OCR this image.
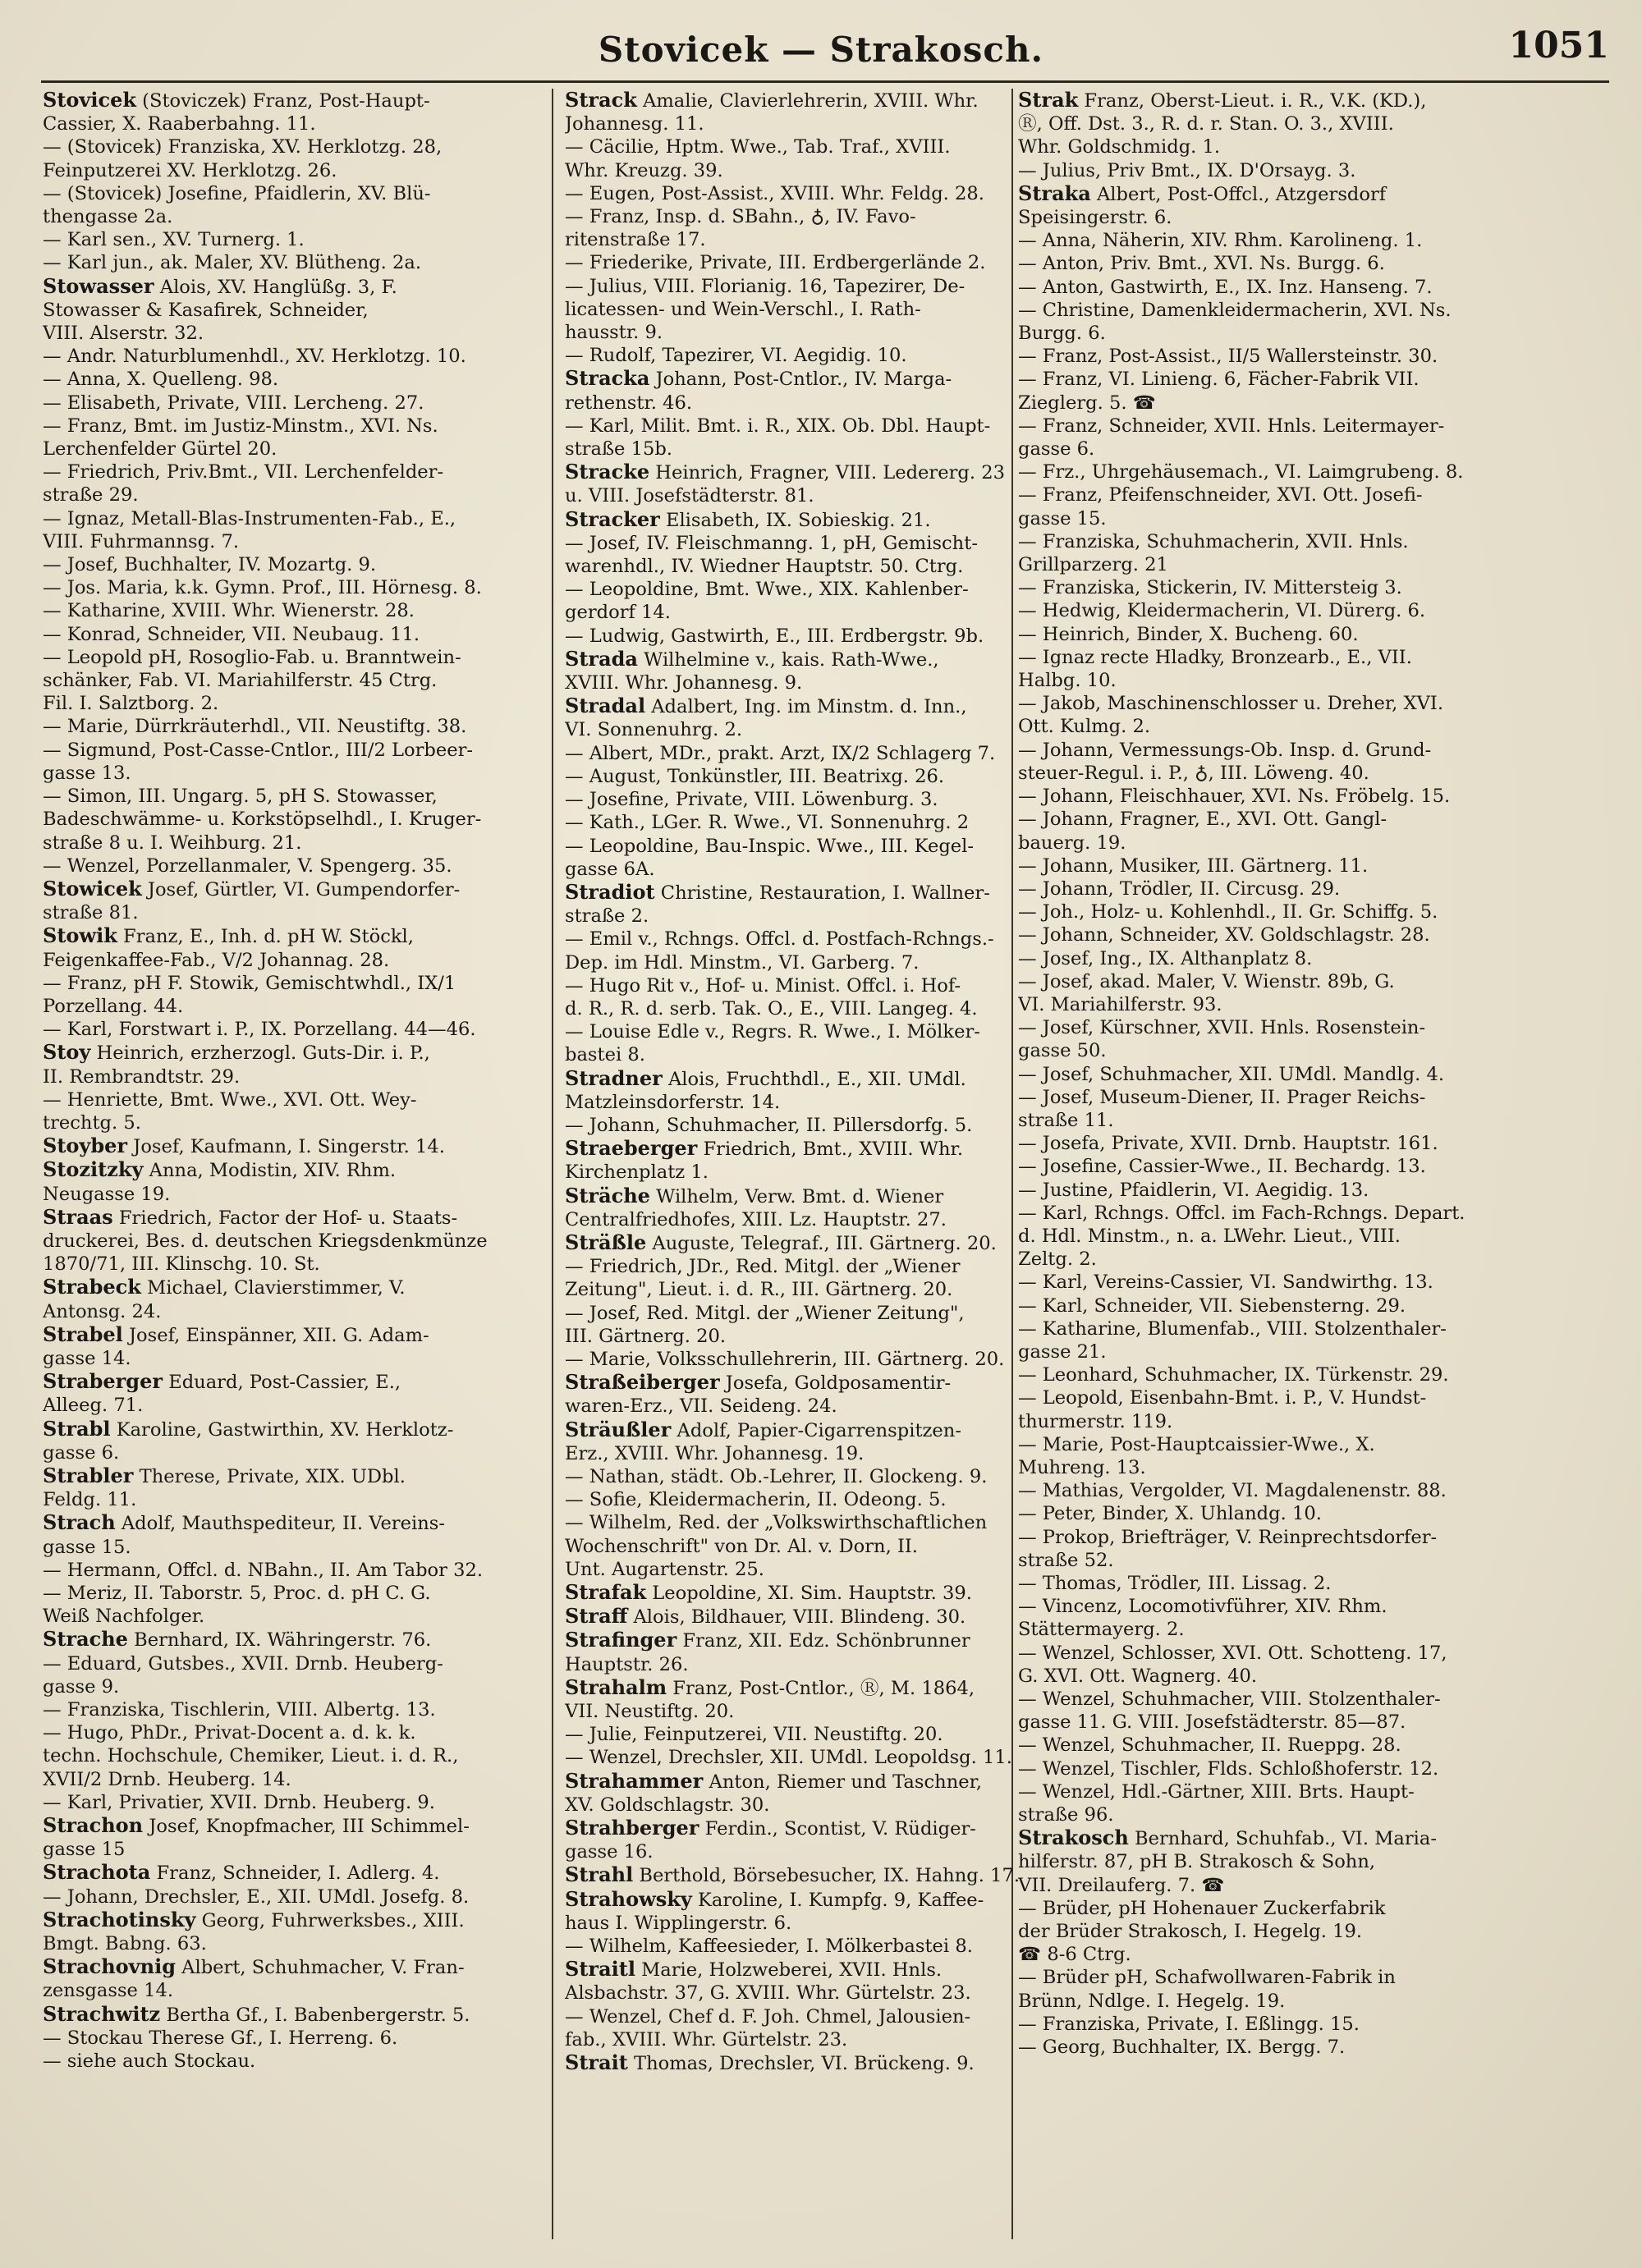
Stovicek — Strakosch.	1051
Stovicek (Stoviczek) Franz, Post-Haupt-
Cassier, X. Raaberbahng. 11.
— (Stovicek) Franziska, XV. Herklotzg. 28,
Feinputzerei XV. Herklotzg. 26.
— (Stovicek) Josefine, Pfaidlerin, XV. Blü-
thengasse 2a.
— Karl sen., XV. Turnerg. 1.
— Karl jun., ak. Maler, XV. Blütheng. 2a.
Stowasser Alois, XV. Hanglüßg. 3, F.
Stowasser & Kasafirek, Schneider,
VIII. Alserstr. 32.
— Andr. Naturblumenhdl., XV. Herklotzg. 10.
— Anna, X. Quelleng. 98.
— Elisabeth, Private, VIII. Lercheng. 27.
— Franz, Bmt. im Justiz-Minstm., XVI. Ns.
Lerchenfelder Gürtel 20.
— Friedrich, Priv.Bmt., VII. Lerchenfelder-
straße 29.
— Ignaz, Metall-Blas-Instrumenten-Fab., E.,
VIII. Fuhrmannsg. 7.
— Josef, Buchhalter, IV. Mozartg. 9.
— Jos. Maria, k.k. Gymn. Prof., III. Hörnesg. 8.
— Katharine, XVIII. Whr. Wienerstr. 28.
— Konrad, Schneider, VII. Neubaug. 11.
— Leopold pH, Rosoglio-Fab. u. Branntwein-
schänker, Fab. VI. Mariahilferstr. 45 Ctrg.
Fil. I. Salztborg. 2.
— Marie, Dürrkräuterhdl., VII. Neustiftg. 38.
— Sigmund, Post-Casse-Cntlor., III/2 Lorbeer-
gasse 13.
— Simon, III. Ungarg. 5, pH S. Stowasser,
Badeschwämme- u. Korkstöpselhdl., I. Kruger-
straße 8 u. I. Weihburg. 21.
— Wenzel, Porzellanmaler, V. Spengerg. 35.
Stowicek Josef, Gürtler, VI. Gumpendorfer-
straße 81.
Stowik Franz, E., Inh. d. pH W. Stöckl,
Feigenkaffee-Fab., V/2 Johannag. 28.
— Franz, pH F. Stowik, Gemischtwhdl., IX/1
Porzellang. 44.
— Karl, Forstwart i. P., IX. Porzellang. 44—46.
Stoy Heinrich, erzherzogl. Guts-Dir. i. P.,
II. Rembrandtstr. 29.
— Henriette, Bmt. Wwe., XVI. Ott. Wey-
trechtg. 5.
Stoyber Josef, Kaufmann, I. Singerstr. 14.
Stozitzky Anna, Modistin, XIV. Rhm.
Neugasse 19.
Straas Friedrich, Factor der Hof- u. Staats-
druckerei, Bes. d. deutschen Kriegsdenkmünze
1870/71, III. Klinschg. 10. St.
Strabeck Michael, Clavierstimmer, V.
Antonsg. 24.
Strabel Josef, Einspänner, XII. G. Adam-
gasse 14.
Straberger Eduard, Post-Cassier, E.,
Alleeg. 71.
Strabl Karoline, Gastwirthin, XV. Herklotz-
gasse 6.
Strabler Therese, Private, XIX. UDbl.
Feldg. 11.
Strach Adolf, Mauthspediteur, II. Vereins-
gasse 15.
— Hermann, Offcl. d. NBahn., II. Am Tabor 32.
— Meriz, II. Taborstr. 5, Proc. d. pH C. G.
Weiß Nachfolger.
Strache Bernhard, IX. Währingerstr. 76.
— Eduard, Gutsbes., XVII. Drnb. Heuberg-
gasse 9.
— Franziska, Tischlerin, VIII. Albertg. 13.
— Hugo, PhDr., Privat-Docent a. d. k. k.
techn. Hochschule, Chemiker, Lieut. i. d. R.,
XVII/2 Drnb. Heuberg. 14.
— Karl, Privatier, XVII. Drnb. Heuberg. 9.
Strachon Josef, Knopfmacher, III Schimmel-
gasse 15
Strachota Franz, Schneider, I. Adlerg. 4.
— Johann, Drechsler, E., XII. UMdl. Josefg. 8.
Strachotinsky Georg, Fuhrwerksbes., XIII.
Bmgt. Babng. 63.
Strachovnig Albert, Schuhmacher, V. Fran-
zensgasse 14.
Strachwitz Bertha Gf., I. Babenbergerstr. 5.
— Stockau Therese Gf., I. Herreng. 6.
— siehe auch Stockau.
Strack Amalie, Clavierlehrerin, XVIII. Whr.
Johannesg. 11.
— Cäcilie, Hptm. Wwe., Tab. Traf., XVIII.
Whr. Kreuzg. 39.
— Eugen, Post-Assist., XVIII. Whr. Feldg. 28.
— Franz, Insp. d. SBahn., ♁, IV. Favo-
ritenstraße 17.
— Friederike, Private, III. Erdbergerlände 2.
— Julius, VIII. Florianig. 16, Tapezirer, De-
licatessen- und Wein-Verschl., I. Rath-
hausstr. 9.
— Rudolf, Tapezirer, VI. Aegidig. 10.
Stracka Johann, Post-Cntlor., IV. Marga-
rethenstr. 46.
— Karl, Milit. Bmt. i. R., XIX. Ob. Dbl. Haupt-
straße 15b.
Stracke Heinrich, Fragner, VIII. Ledererg. 23
u. VIII. Josefstädterstr. 81.
Stracker Elisabeth, IX. Sobieskig. 21.
— Josef, IV. Fleischmanng. 1, pH, Gemischt-
warenhdl., IV. Wiedner Hauptstr. 50. Ctrg.
— Leopoldine, Bmt. Wwe., XIX. Kahlenber-
gerdorf 14.
— Ludwig, Gastwirth, E., III. Erdbergstr. 9b.
Strada Wilhelmine v., kais. Rath-Wwe.,
XVIII. Whr. Johannesg. 9.
Stradal Adalbert, Ing. im Minstm. d. Inn.,
VI. Sonnenuhrg. 2.
— Albert, MDr., prakt. Arzt, IX/2 Schlagerg 7.
— August, Tonkünstler, III. Beatrixg. 26.
— Josefine, Private, VIII. Löwenburg. 3.
— Kath., LGer. R. Wwe., VI. Sonnenuhrg. 2
— Leopoldine, Bau-Inspic. Wwe., III. Kegel-
gasse 6A.
Stradiot Christine, Restauration, I. Wallner-
straße 2.
— Emil v., Rchngs. Offcl. d. Postfach-Rchngs.-
Dep. im Hdl. Minstm., VI. Garberg. 7.
— Hugo Rit v., Hof- u. Minist. Offcl. i. Hof-
d. R., R. d. serb. Tak. O., E., VIII. Langeg. 4.
— Louise Edle v., Regrs. R. Wwe., I. Mölker-
bastei 8.
Stradner Alois, Fruchthdl., E., XII. UMdl.
Matzleinsdorferstr. 14.
— Johann, Schuhmacher, II. Pillersdorfg. 5.
Straeberger Friedrich, Bmt., XVIII. Whr.
Kirchenplatz 1.
Sträche Wilhelm, Verw. Bmt. d. Wiener
Centralfriedhofes, XIII. Lz. Hauptstr. 27.
Sträßle Auguste, Telegraf., III. Gärtnerg. 20.
— Friedrich, JDr., Red. Mitgl. der „Wiener
Zeitung", Lieut. i. d. R., III. Gärtnerg. 20.
— Josef, Red. Mitgl. der „Wiener Zeitung",
III. Gärtnerg. 20.
— Marie, Volksschullehrerin, III. Gärtnerg. 20.
Straßeiberger Josefa, Goldposamentir-
waren-Erz., VII. Seideng. 24.
Sträußler Adolf, Papier-Cigarrenspitzen-
Erz., XVIII. Whr. Johannesg. 19.
— Nathan, städt. Ob.-Lehrer, II. Glockeng. 9.
— Sofie, Kleidermacherin, II. Odeong. 5.
— Wilhelm, Red. der „Volkswirthschaftlichen
Wochenschrift" von Dr. Al. v. Dorn, II.
Unt. Augartenstr. 25.
Strafak Leopoldine, XI. Sim. Hauptstr. 39.
Straff Alois, Bildhauer, VIII. Blindeng. 30.
Strafinger Franz, XII. Edz. Schönbrunner
Hauptstr. 26.
Strahalm Franz, Post-Cntlor., Ⓡ, M. 1864,
VII. Neustiftg. 20.
— Julie, Feinputzerei, VII. Neustiftg. 20.
— Wenzel, Drechsler, XII. UMdl. Leopoldsg. 11.
Strahammer Anton, Riemer und Taschner,
XV. Goldschlagstr. 30.
Strahberger Ferdin., Scontist, V. Rüdiger-
gasse 16.
Strahl Berthold, Börsebesucher, IX. Hahng. 17.
Strahowsky Karoline, I. Kumpfg. 9, Kaffee-
haus I. Wipplingerstr. 6.
— Wilhelm, Kaffeesieder, I. Mölkerbastei 8.
Straitl Marie, Holzweberei, XVII. Hnls.
Alsbachstr. 37, G. XVIII. Whr. Gürtelstr. 23.
— Wenzel, Chef d. F. Joh. Chmel, Jalousien-
fab., XVIII. Whr. Gürtelstr. 23.
Strait Thomas, Drechsler, VI. Brückeng. 9.
Strak Franz, Oberst-Lieut. i. R., V.K. (KD.),
Ⓡ, Off. Dst. 3., R. d. r. Stan. O. 3., XVIII.
Whr. Goldschmidg. 1.
— Julius, Priv Bmt., IX. D'Orsayg. 3.
Straka Albert, Post-Offcl., Atzgersdorf
Speisingerstr. 6.
— Anna, Näherin, XIV. Rhm. Karolineng. 1.
— Anton, Priv. Bmt., XVI. Ns. Burgg. 6.
— Anton, Gastwirth, E., IX. Inz. Hanseng. 7.
— Christine, Damenkleidermacherin, XVI. Ns.
Burgg. 6.
— Franz, Post-Assist., II/5 Wallersteinstr. 30.
— Franz, VI. Linieng. 6, Fächer-Fabrik VII.
Zieglerg. 5. ☎
— Franz, Schneider, XVII. Hnls. Leitermayer-
gasse 6.
— Frz., Uhrgehäusemach., VI. Laimgrubeng. 8.
— Franz, Pfeifenschneider, XVI. Ott. Josefi-
gasse 15.
— Franziska, Schuhmacherin, XVII. Hnls.
Grillparzerg. 21
— Franziska, Stickerin, IV. Mittersteig 3.
— Hedwig, Kleidermacherin, VI. Dürerg. 6.
— Heinrich, Binder, X. Bucheng. 60.
— Ignaz recte Hladky, Bronzearb., E., VII.
Halbg. 10.
— Jakob, Maschinenschlosser u. Dreher, XVI.
Ott. Kulmg. 2.
— Johann, Vermessungs-Ob. Insp. d. Grund-
steuer-Regul. i. P., ♁, III. Löweng. 40.
— Johann, Fleischhauer, XVI. Ns. Fröbelg. 15.
— Johann, Fragner, E., XVI. Ott. Gangl-
bauerg. 19.
— Johann, Musiker, III. Gärtnerg. 11.
— Johann, Trödler, II. Circusg. 29.
— Joh., Holz- u. Kohlenhdl., II. Gr. Schiffg. 5.
— Johann, Schneider, XV. Goldschlagstr. 28.
— Josef, Ing., IX. Althanplatz 8.
— Josef, akad. Maler, V. Wienstr. 89b, G.
VI. Mariahilferstr. 93.
— Josef, Kürschner, XVII. Hnls. Rosenstein-
gasse 50.
— Josef, Schuhmacher, XII. UMdl. Mandlg. 4.
— Josef, Museum-Diener, II. Prager Reichs-
straße 11.
— Josefa, Private, XVII. Drnb. Hauptstr. 161.
— Josefine, Cassier-Wwe., II. Bechardg. 13.
— Justine, Pfaidlerin, VI. Aegidig. 13.
— Karl, Rchngs. Offcl. im Fach-Rchngs. Depart.
d. Hdl. Minstm., n. a. LWehr. Lieut., VIII.
Zeltg. 2.
— Karl, Vereins-Cassier, VI. Sandwirthg. 13.
— Karl, Schneider, VII. Siebensterng. 29.
— Katharine, Blumenfab., VIII. Stolzenthaler-
gasse 21.
— Leonhard, Schuhmacher, IX. Türkenstr. 29.
— Leopold, Eisenbahn-Bmt. i. P., V. Hundst-
thurmerstr. 119.
— Marie, Post-Hauptcaissier-Wwe., X.
Muhreng. 13.
— Mathias, Vergolder, VI. Magdalenenstr. 88.
— Peter, Binder, X. Uhlandg. 10.
— Prokop, Briefträger, V. Reinprechtsdorfer-
straße 52.
— Thomas, Trödler, III. Lissag. 2.
— Vincenz, Locomotivführer, XIV. Rhm.
Stättermayerg. 2.
— Wenzel, Schlosser, XVI. Ott. Schotteng. 17,
G. XVI. Ott. Wagnerg. 40.
— Wenzel, Schuhmacher, VIII. Stolzenthaler-
gasse 11. G. VIII. Josefstädterstr. 85—87.
— Wenzel, Schuhmacher, II. Rueppg. 28.
— Wenzel, Tischler, Flds. Schloßhoferstr. 12.
— Wenzel, Hdl.-Gärtner, XIII. Brts. Haupt-
straße 96.
Strakosch Bernhard, Schuhfab., VI. Maria-
hilferstr. 87, pH B. Strakosch & Sohn,
VII. Dreilauferg. 7. ☎
— Brüder, pH Hohenauer Zuckerfabrik
der Brüder Strakosch, I. Hegelg. 19.
☎ 8-6 Ctrg.
— Brüder pH, Schafwollwaren-Fabrik in
Brünn, Ndlge. I. Hegelg. 19.
— Franziska, Private, I. Eßlingg. 15.
— Georg, Buchhalter, IX. Bergg. 7.
